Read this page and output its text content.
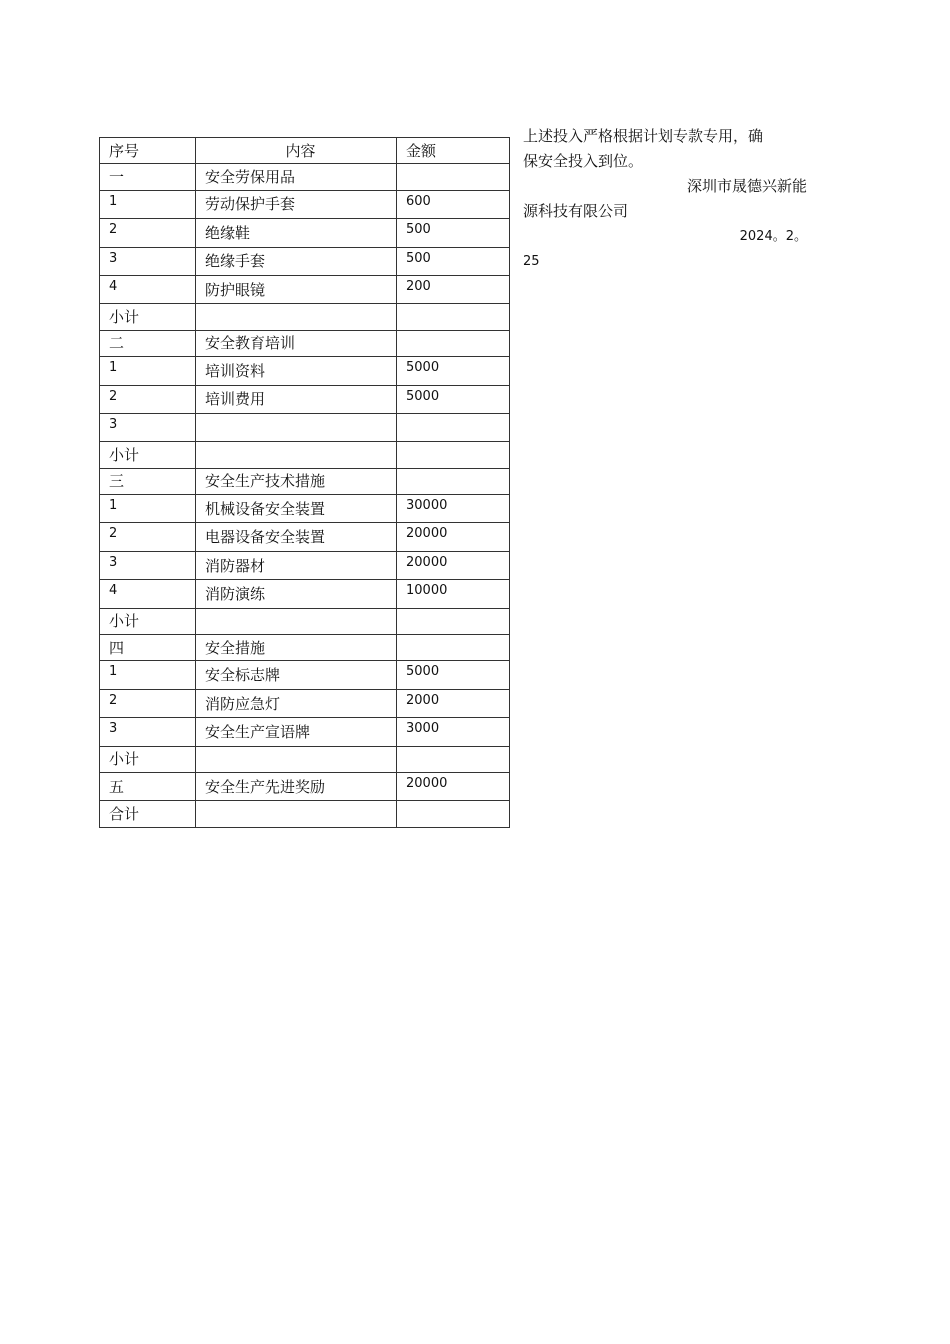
序号	内容	金额
一	安全劳保用品	
1	劳动保护手套	600
2	绝缘鞋	500
3	绝缘手套	500
4	防护眼镜	200
小计		
二	安全教育培训	
1	培训资料	5000
2	培训费用	5000
3		
小计		
三	安全生产技术措施	
1	机械设备安全装置	30000
2	电器设备安全装置	20000
3	消防器材	20000
4	消防演练	10000
小计		
四	安全措施	
1	安全标志牌	5000
2	消防应急灯	2000
3	安全生产宣语牌	3000
小计		
五	安全生产先进奖励	20000
合计		

上述投入严格根据计划专款专用，确

保安全投入到位。

深圳市晟德兴新能

源科技有限公司

2024。2。

25
